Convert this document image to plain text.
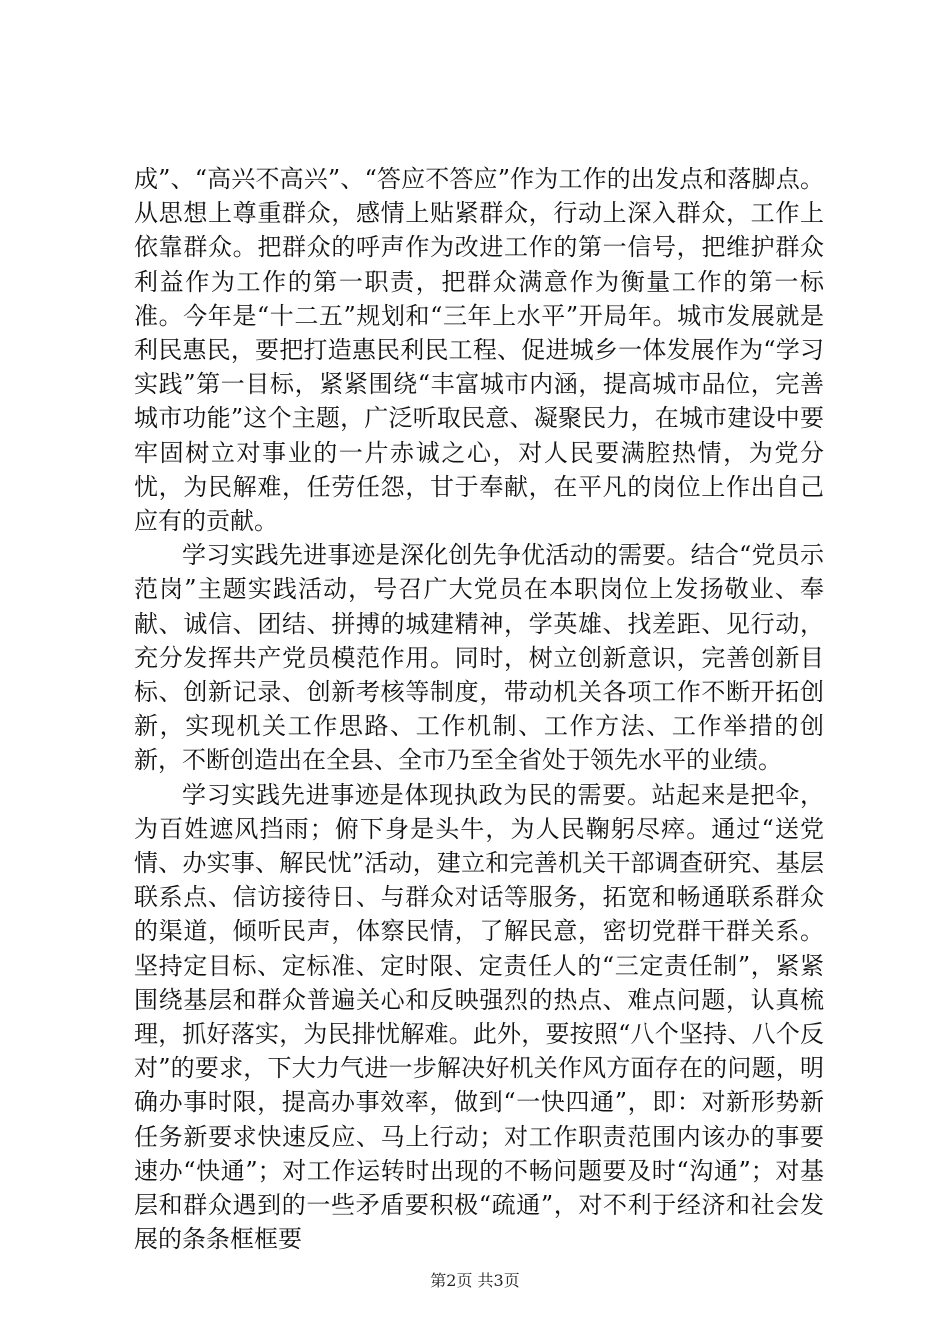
成”、“高兴不高兴”、“答应不答应”作为工作的出发点和落脚点。从思想上尊重群众，感情上贴紧群众，行动上深入群众，工作上依靠群众。把群众的呼声作为改进工作的第一信号，把维护群众利益作为工作的第一职责，把群众满意作为衡量工作的第一标准。今年是“十二五”规划和“三年上水平”开局年。城市发展就是利民惠民，要把打造惠民利民工程、促进城乡一体发展作为“学习实践”第一目标，紧紧围绕“丰富城市内涵，提高城市品位，完善城市功能”这个主题，广泛听取民意、凝聚民力，在城市建设中要牢固树立对事业的一片赤诚之心，对人民要满腔热情，为党分忧，为民解难，任劳任怨，甘于奉献，在平凡的岗位上作出自己应有的贡献。

学习实践先进事迹是深化创先争优活动的需要。结合“党员示范岗”主题实践活动，号召广大党员在本职岗位上发扬敬业、奉献、诚信、团结、拼搏的城建精神，学英雄、找差距、见行动，充分发挥共产党员模范作用。同时，树立创新意识，完善创新目标、创新记录、创新考核等制度，带动机关各项工作不断开拓创新，实现机关工作思路、工作机制、工作方法、工作举措的创新，不断创造出在全县、全市乃至全省处于领先水平的业绩。

学习实践先进事迹是体现执政为民的需要。站起来是把伞，为百姓遮风挡雨；俯下身是头牛，为人民鞠躬尽瘁。通过“送党情、办实事、解民忧”活动，建立和完善机关干部调查研究、基层联系点、信访接待日、与群众对话等服务，拓宽和畅通联系群众的渠道，倾听民声，体察民情，了解民意，密切党群干群关系。坚持定目标、定标准、定时限、定责任人的“三定责任制”，紧紧围绕基层和群众普遍关心和反映强烈的热点、难点问题，认真梳理，抓好落实，为民排忧解难。此外，要按照“八个坚持、八个反对”的要求，下大力气进一步解决好机关作风方面存在的问题，明确办事时限，提高办事效率，做到“一快四通”，即：对新形势新任务新要求快速反应、马上行动；对工作职责范围内该办的事要速办“快通”；对工作运转时出现的不畅问题要及时“沟通”；对基层和群众遇到的一些矛盾要积极“疏通”，对不利于经济和社会发展的条条框框要

第2页 共3页
